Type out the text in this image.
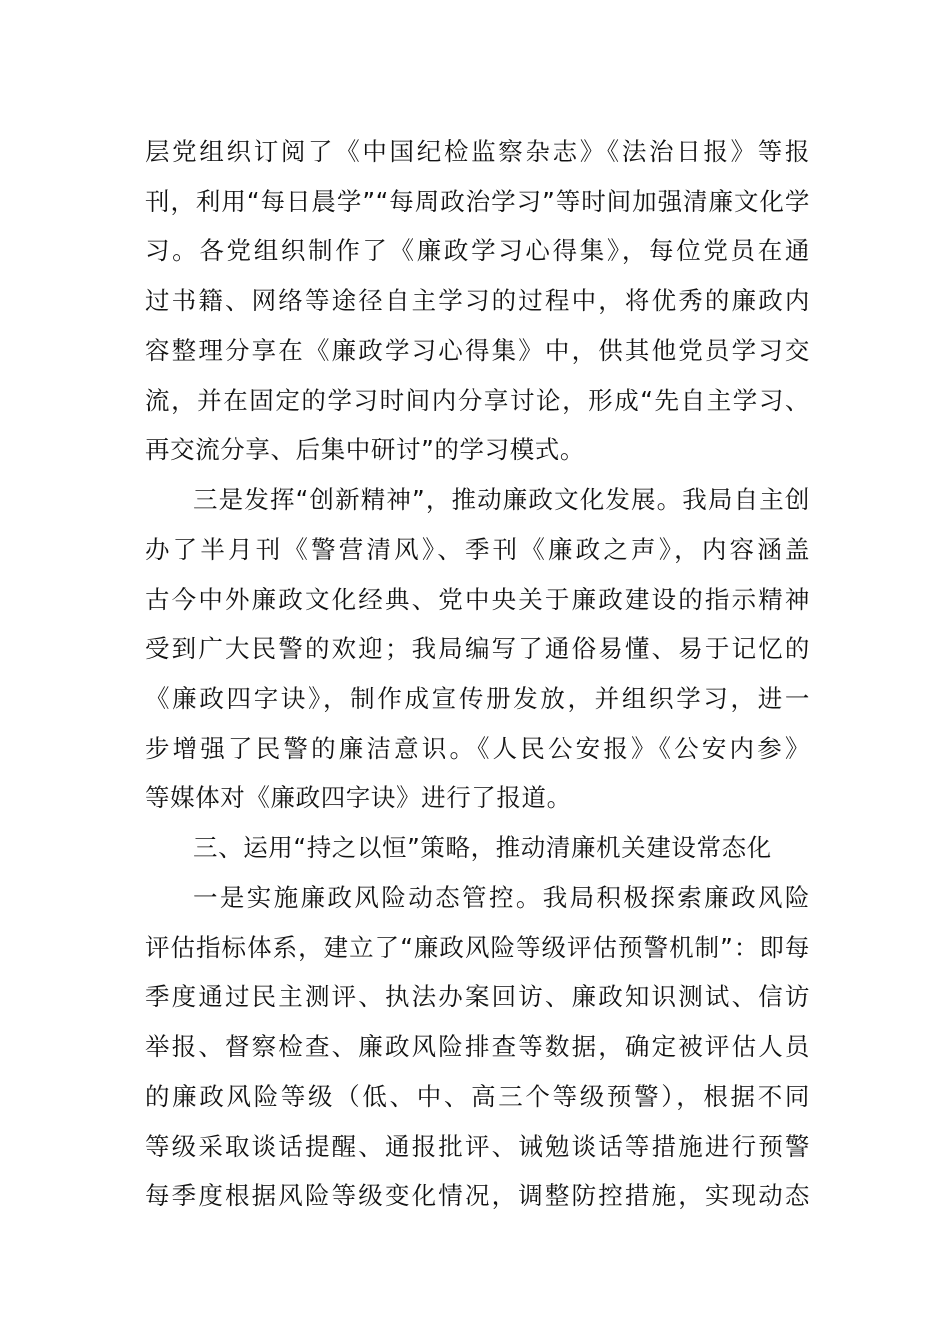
层党组织订阅了《中国纪检监察杂志》《法治日报》等报
刊，利用“每日晨学”“每周政治学习”等时间加强清廉文化学
习。各党组织制作了《廉政学习心得集》，每位党员在通
过书籍、网络等途径自主学习的过程中，将优秀的廉政内
容整理分享在《廉政学习心得集》中，供其他党员学习交
流，并在固定的学习时间内分享讨论，形成“先自主学习、
再交流分享、后集中研讨”的学习模式。
三是发挥“创新精神”，推动廉政文化发展。我局自主创
办了半月刊《警营清风》、季刊《廉政之声》，内容涵盖
古今中外廉政文化经典、党中央关于廉政建设的指示精神
受到广大民警的欢迎；我局编写了通俗易懂、易于记忆的
《廉政四字诀》，制作成宣传册发放，并组织学习，进一
步增强了民警的廉洁意识。《人民公安报》《公安内参》
等媒体对《廉政四字诀》进行了报道。
三、运用“持之以恒”策略，推动清廉机关建设常态化
一是实施廉政风险动态管控。我局积极探索廉政风险
评估指标体系，建立了“廉政风险等级评估预警机制”：即每
季度通过民主测评、执法办案回访、廉政知识测试、信访
举报、督察检查、廉政风险排查等数据，确定被评估人员
的廉政风险等级（低、中、高三个等级预警），根据不同
等级采取谈话提醒、通报批评、诫勉谈话等措施进行预警
每季度根据风险等级变化情况，调整防控措施，实现动态
